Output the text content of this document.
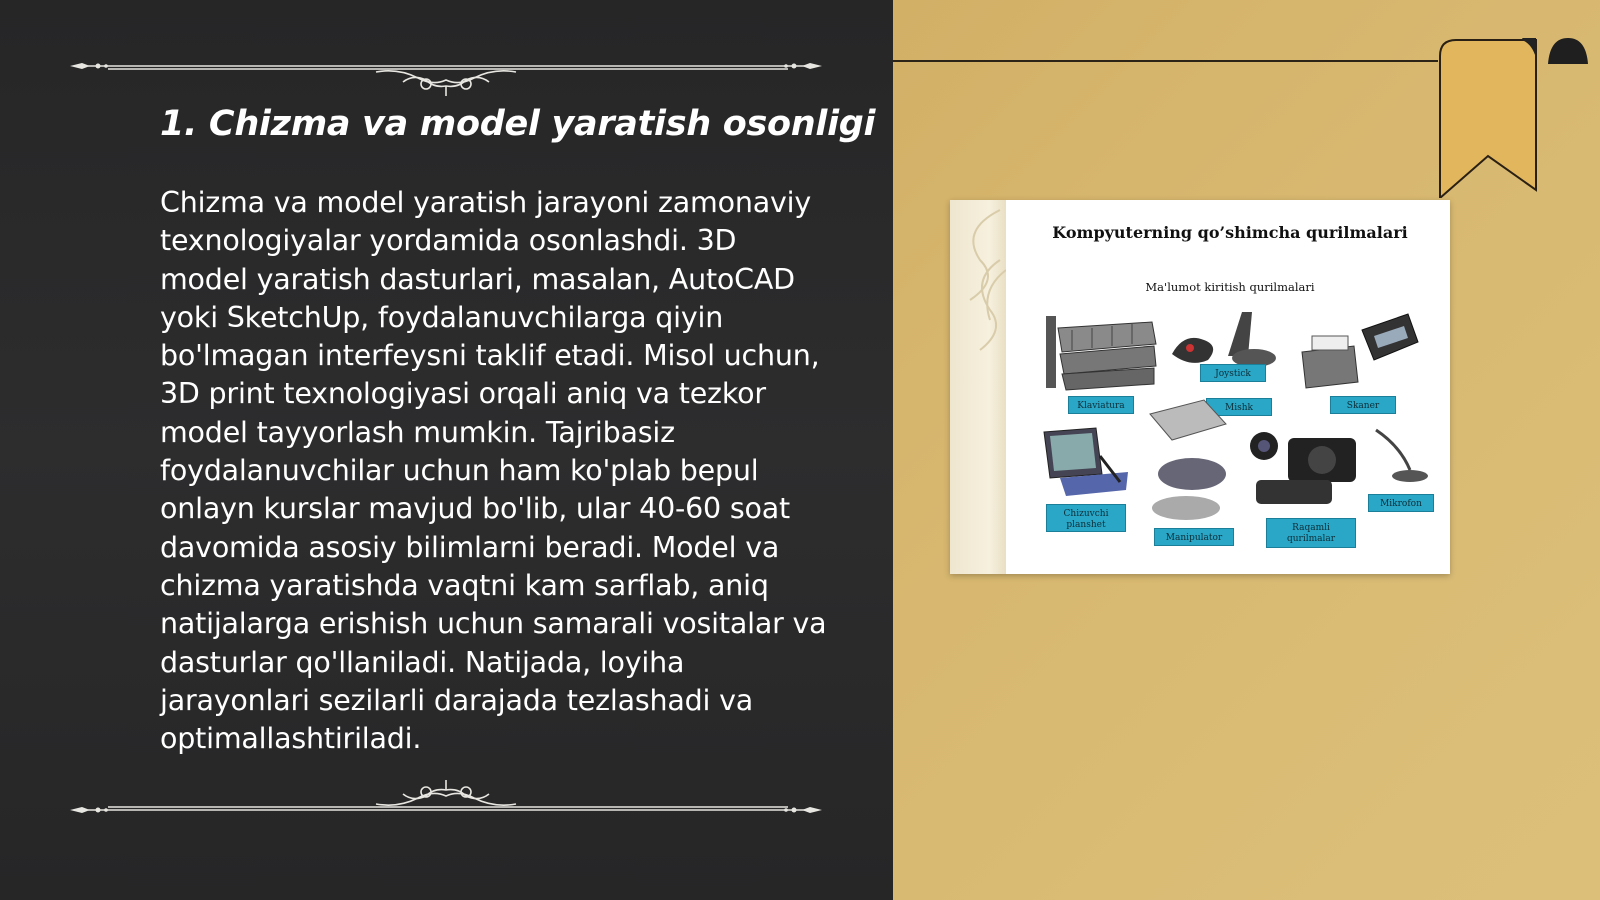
1. Chizma va model yaratish osonligi
Chizma va model yaratish jarayoni zamonaviy texnologiyalar yordamida osonlashdi. 3D model yaratish dasturlari, masalan, AutoCAD yoki SketchUp, foydalanuvchilarga qiyin bo'lmagan interfeysni taklif etadi. Misol uchun, 3D print texnologiyasi orqali aniq va tezkor model tayyorlash mumkin. Tajribasiz foydalanuvchilar uchun ham ko'plab bepul onlayn kurslar mavjud bo'lib, ular 40-60 soat davomida asosiy bilimlarni beradi. Model va chizma yaratishda vaqtni kam sarflab, aniq natijalarga erishish uchun samarali vositalar va dasturlar qo'llaniladi. Natijada, loyiha jarayonlari sezilarli darajada tezlashadi va optimallashtiriladi.
Kompyuterning qo’shimcha qurilmalari
Ma'lumot kiritish qurilmalari
Klaviatura
Joystick
Mishk	Skaner
Chizuvchi planshet
Manipulator
Raqamli qurilmalar
Mikrofon
